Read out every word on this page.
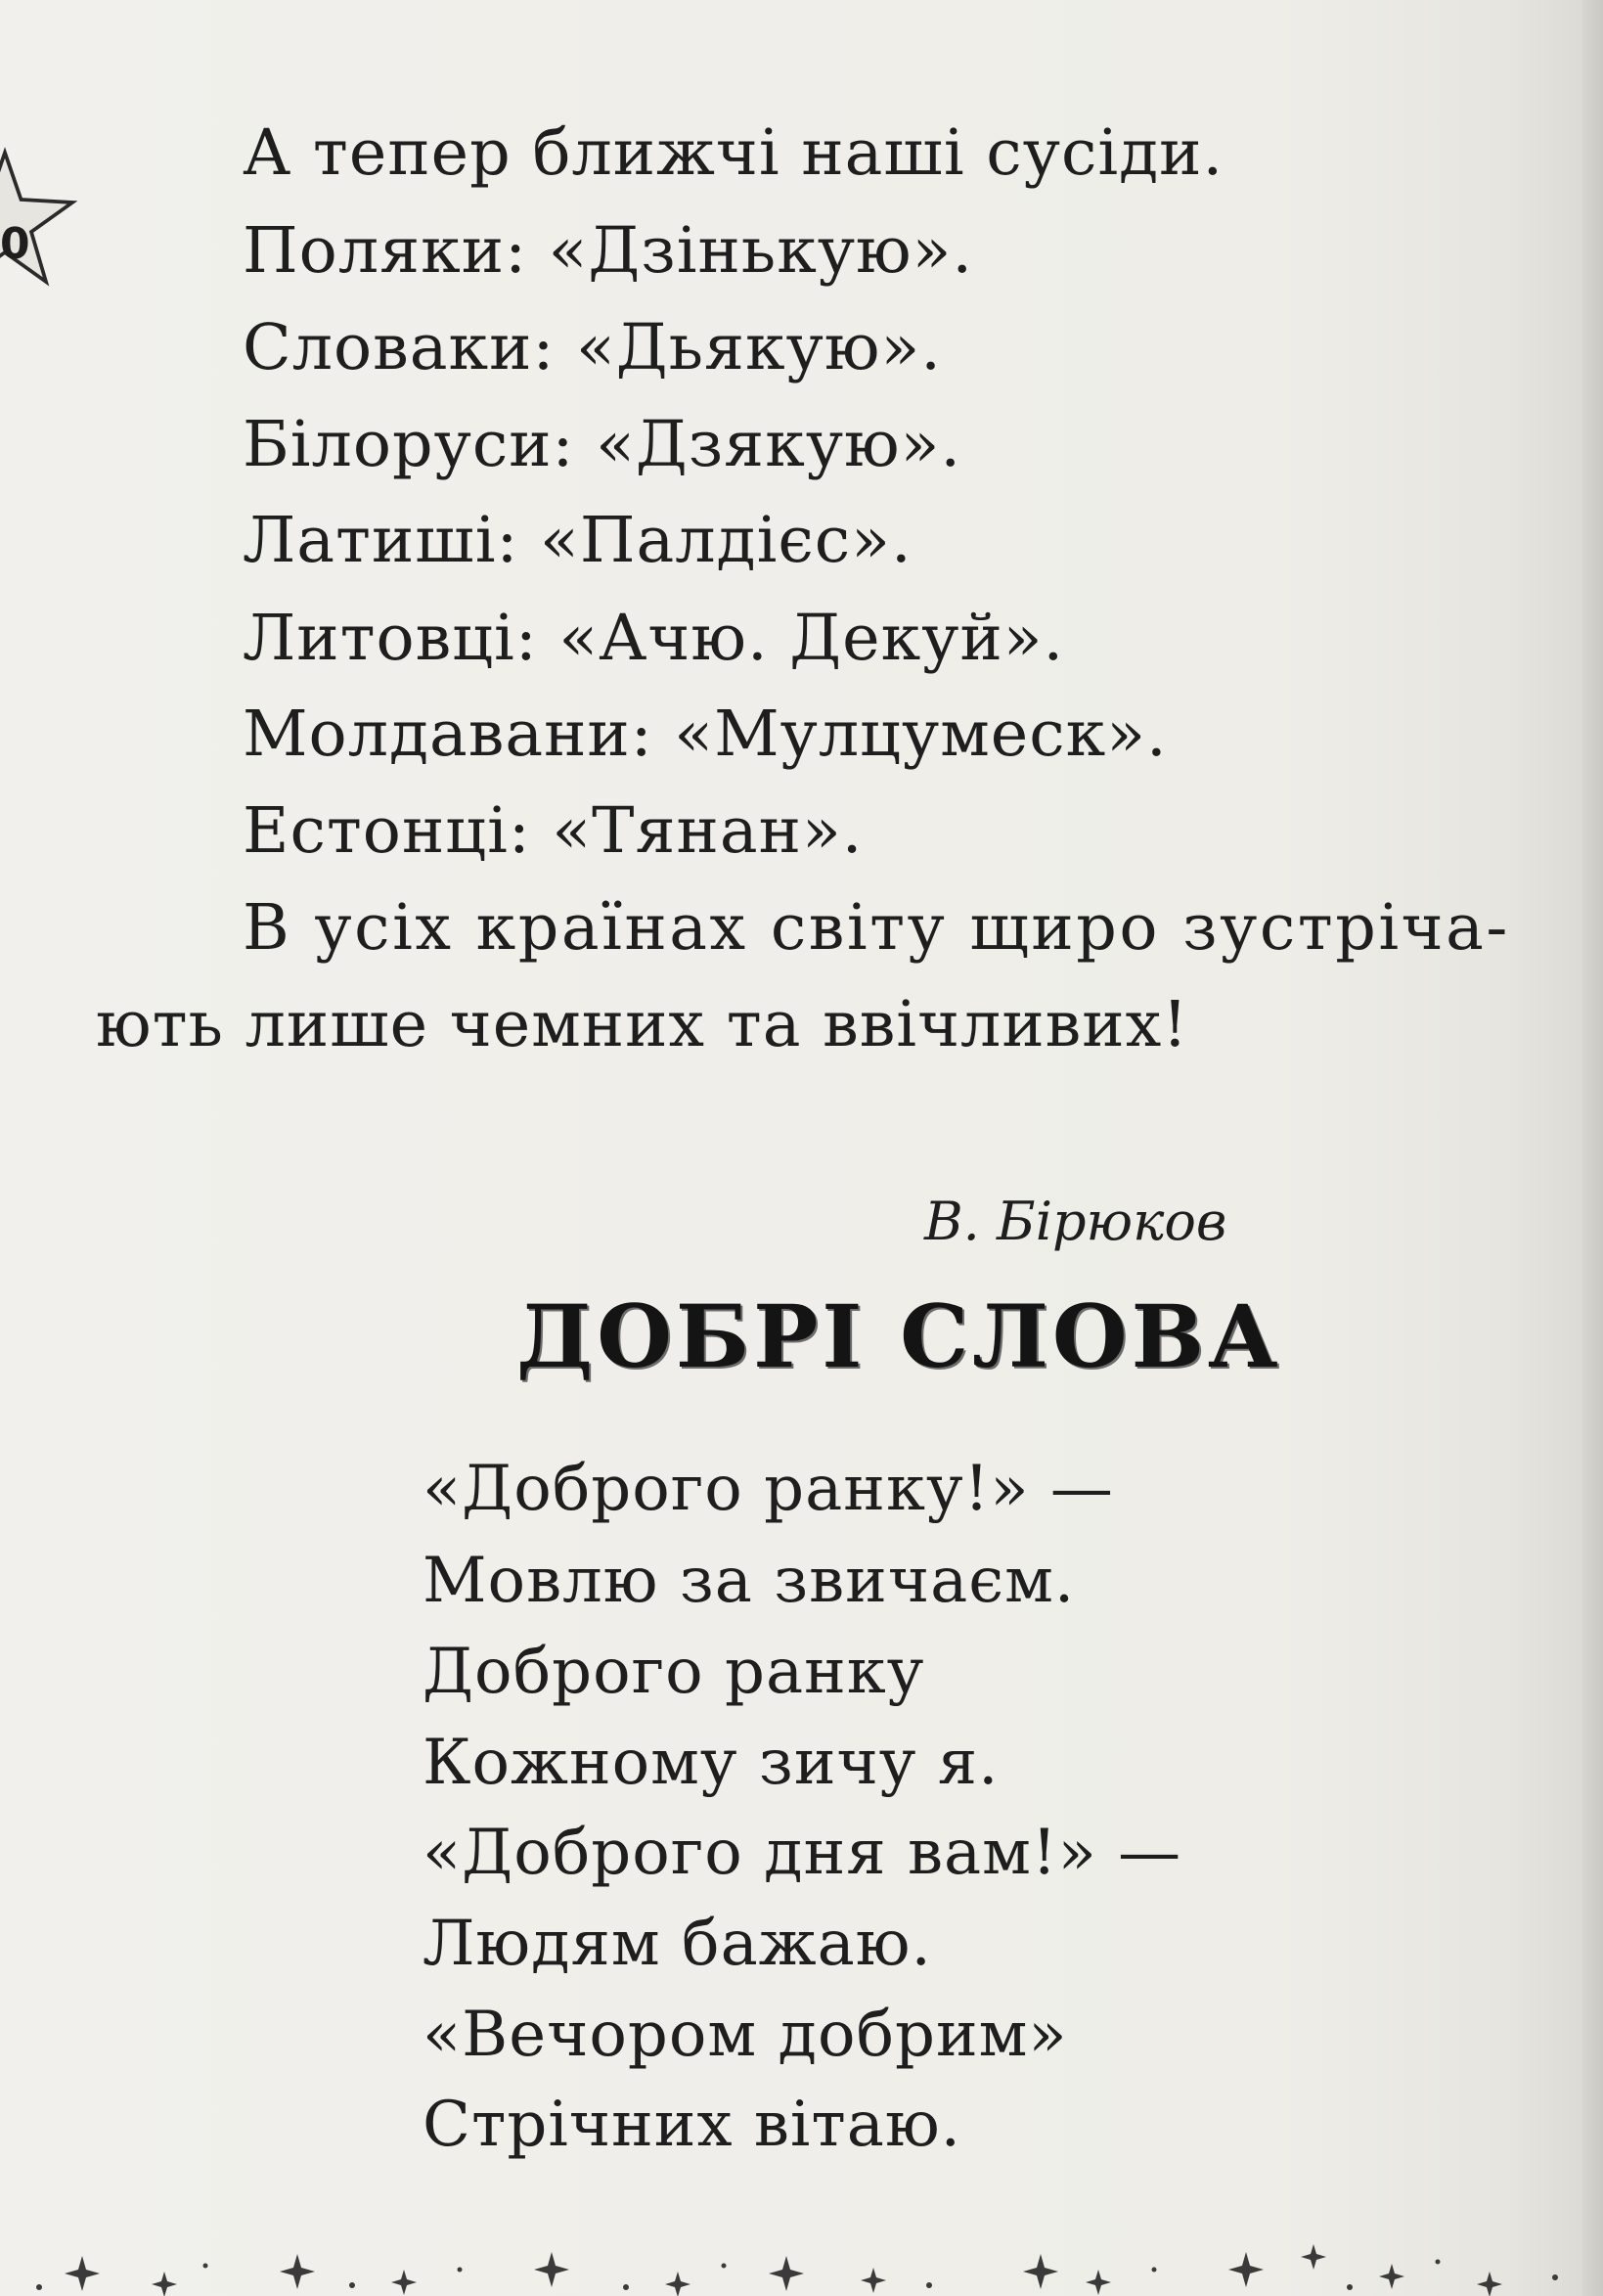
0

А тепер ближчі наші сусіди.

Поляки: «Дзінькую».

Словаки: «Дьякую».

Білоруси: «Дзякую».

Латиші: «Палдієс».

Литовці: «Ачю. Декуй».

Молдавани: «Мулцумеск».

Естонці: «Тянан».

В усіх країнах світу щиро зустріча-

ють лише чемних та ввічливих!

В. Бірюков

ДОБРІ СЛОВА

«Доброго ранку!» —

Мовлю за звичаєм.

Доброго ранку

Кожному зичу я.

«Доброго дня вам!» —

Людям бажаю.

«Вечором добрим»

Стрічних вітаю.
